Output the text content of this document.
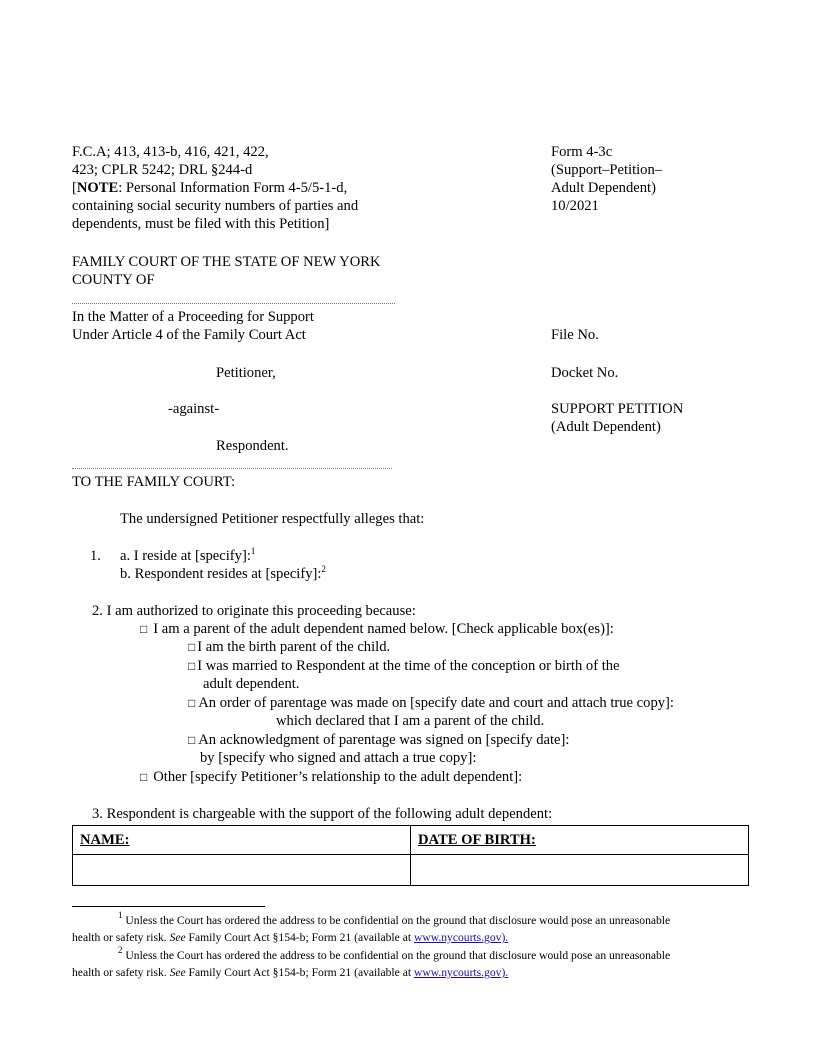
F.C.A; 413, 413-b, 416, 421, 422,
423; CPLR 5242; DRL §244-d
[NOTE: Personal Information Form 4-5/5-1-d,
containing social security numbers of parties and
dependents, must be filed with this Petition]
Form 4-3c
(Support–Petition–
Adult Dependent)
10/2021
FAMILY COURT OF THE STATE OF NEW YORK
COUNTY OF
In the Matter of a Proceeding for Support
Under Article 4 of the Family Court Act	File No.
Petitioner,	Docket No.
-against-	SUPPORT PETITION
(Adult Dependent)
Respondent.
TO THE FAMILY COURT:
The undersigned Petitioner respectfully alleges that:
1. a. I reside at [specify]:$^1$
b. Respondent resides at [specify]:$^2$
2. I am authorized to originate this proceeding because:
□ I am a parent of the adult dependent named below. [Check applicable box(es)]:
□ I am the birth parent of the child.
□ I was married to Respondent at the time of the conception or birth of the
adult dependent.
□ An order of parentage was made on [specify date and court and attach true copy]:
which declared that I am a parent of the child.
□ An acknowledgment of parentage was signed on [specify date]:
by [specify who signed and attach a true copy]:
□ Other [specify Petitioner’s relationship to the adult dependent]:
3. Respondent is chargeable with the support of the following adult dependent:
NAME:	DATE OF BIRTH:

$^1$ Unless the Court has ordered the address to be confidential on the ground that disclosure would pose an unreasonable
health or safety risk. See Family Court Act §154-b; Form 21 (available at www.nycourts.gov).
$^2$ Unless the Court has ordered the address to be confidential on the ground that disclosure would pose an unreasonable
health or safety risk. See Family Court Act §154-b; Form 21 (available at www.nycourts.gov).
